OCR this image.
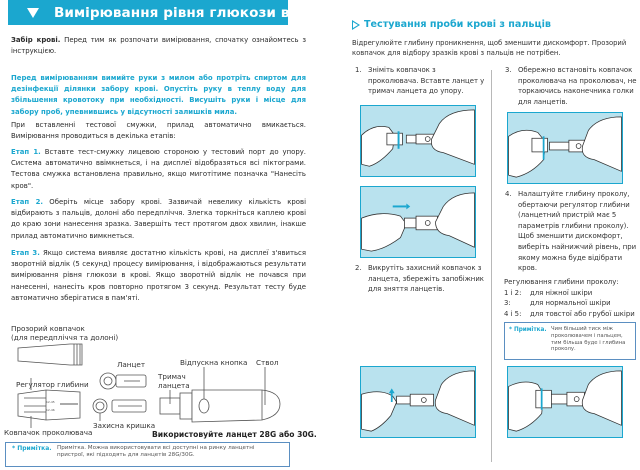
Вимірювання рівня глюкози в крові

Забір крові. Перед тим як розпочати вимірювання, спочатку ознайомтесь з інструкцією.

Перед вимірюванням вимийте руки з милом або протріть спиртом для дезінфекції ділянки забору крові. Опустіть руку в теплу воду для збільшення кровотоку при необхідності. Висушіть руки і місце для забору проб, упевнившись у відсутності залишків мила.

При вставленні тестової смужки, прилад автоматично вмикається. Вимірювання проводиться в декілька етапів:

Етап 1. Вставте тест-смужку лицевою стороною у тестовий порт до упору. Система автоматично ввімкнеться, і на дисплеї відобразяться всі піктограми. Тестова смужка встановлена правильно, якщо миготітиме позначка "Нанесіть кров".

Етап 2. Оберіть місце забору крові. Зазвичай невелику кількість крові відбирають з пальців, долоні або передпліччя. Злегка торкніться каплею крові до краю зони нанесення зразка. Завершіть тест протягом двох хвилин, інакше прилад автоматично вимкнеться.

Етап 3. Якщо система виявляє достатню кількість крові, на дисплеї з'явиться зворотній відлік (5 секунд) процесу вимірювання, і відображаються результати вимірювання рівня глюкози в крові. Якщо зворотній відлік не почався при нанесенні, нанесіть кров повторно протягом 3 секунд. Результат тесту буде автоматично зберігатися в пам'яті.

Прозорий ковпачок
(для передпліччя та долоні)
Регулятор глибини
Ланцет	Відпускна кнопка Ствол
Тримач
ланцета
Захисна кришка
Ковпачок проколювача
12-45
12-46
Використовуйте ланцет 28G або 30G.
* Примітка. Примітка. Можна використовувати всі доступні на ринку ланцетні пристрої, які підходять для ланцетів 28G/30G.
Тестування проби крові з пальців
Відрегулюйте глибину проникнення, щоб зменшити дискомфорт. Прозорий ковпачок для відбору зразків крові з пальців не потрібен.
1. Зніміть ковпачок з проколювача. Вставте ланцет у тримач ланцета до упору.
3. Обережно встановіть ковпачок проколювача на проколювач, не торкаючись наконечника голки для ланцетів.
2. Викрутіть захисний ковпачок з ланцета, збережіть запобіжник для зняття ланцетів.
4. Налаштуйте глибину проколу, обертаючи регулятор глибини (ланцетний пристрій має 5 параметрів глибини проколу). Щоб зменшити дискомфорт, виберіть найнижчий рівень, при якому можна буде відібрати кров.
Регулювання глибини проколу:
1 і 2:	для ніжної шкіри
3:	для нормальної шкіри
4 і 5:	для товстої або грубої шкіри
* Примітка. Чим більший тиск між проколювачем і пальцем, тим більша буде і глибина проколу.
